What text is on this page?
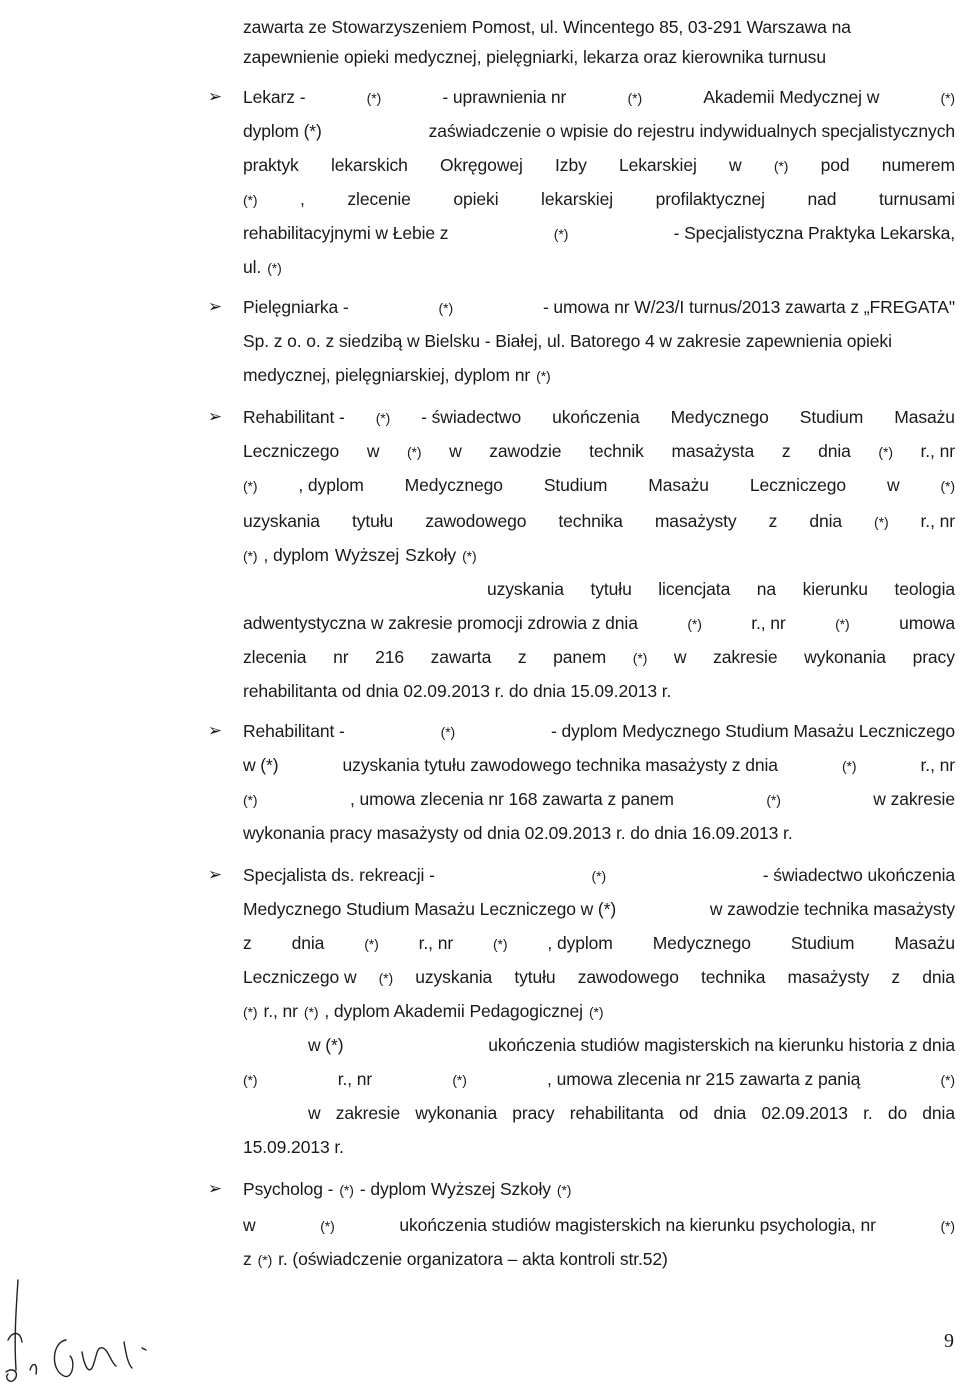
zawarta ze Stowarzyszeniem Pomost, ul. Wincentego 85, 03-291 Warszawa na
zapewnienie opieki medycznej, pielęgniarki, lekarza oraz kierownika turnusu
Lekarz -	(*)	- uprawnienia nr	(*)	Akademii Medycznej w	(*)
➢
dyplom (*)	zaświadczenie o wpisie do rejestru indywidualnych specjalistycznych
praktyk lekarskich Okręgowej Izby Lekarskiej w (*) pod numerem
(*) , zlecenie opieki lekarskiej profilaktycznej nad turnusami
rehabilitacyjnymi w Łebie z	(*)	- Specjalistyczna Praktyka Lekarska,
ul. (*)
Pielęgniarka -	(*)	- umowa nr W/23/I turnus/2013 zawarta z „FREGATA"
➢
Sp. z o. o. z siedzibą w Bielsku - Białej, ul. Batorego 4 w zakresie zapewnienia opieki
medycznej, pielęgniarskiej, dyplom nr (*)
Rehabilitant - (*) - świadectwo ukończenia Medycznego Studium Masażu
➢
Leczniczego w (*) w zawodzie technik masażysta z dnia (*) r., nr
(*) , dyplom Medycznego Studium Masażu Leczniczego w	(*)
uzyskania tytułu zawodowego technika masażysty z dnia (*) r., nr
(*) , dyplom Wyższej Szkoły (*)
uzyskania tytułu licencjata na kierunku teologia
adwentystyczna w zakresie promocji zdrowia z dnia	(*)	r., nr	(*)	umowa
zlecenia nr 216 zawarta z panem (*) w zakresie wykonania pracy
rehabilitanta od dnia 02.09.2013 r. do dnia 15.09.2013 r.
Rehabilitant -	(*)	- dyplom Medycznego Studium Masażu Leczniczego
➢
w (*)	uzyskania tytułu zawodowego technika masażysty z dnia	(*)	r., nr
(*)	, umowa zlecenia nr 168 zawarta z panem	(*)	w zakresie
wykonania pracy masażysty od dnia 02.09.2013 r. do dnia 16.09.2013 r.
Specjalista ds. rekreacji -	(*)	- świadectwo ukończenia
➢
Medycznego Studium Masażu Leczniczego w (*)	w zawodzie technika masażysty
z dnia	(*) r., nr	(*) , dyplom Medycznego Studium Masażu
Leczniczego w (*) uzyskania tytułu zawodowego technika masażysty z dnia
(*) r., nr (*) , dyplom Akademii Pedagogicznej (*)
w (*)	ukończenia studiów magisterskich na kierunku historia z dnia
(*)	r., nr	(*)	, umowa zlecenia nr 215 zawarta z panią	(*)
w zakresie wykonania pracy rehabilitanta od dnia 02.09.2013 r. do dnia
15.09.2013 r.
Psycholog - (*) - dyplom Wyższej Szkoły (*)
➢
w	(*)	ukończenia studiów magisterskich na kierunku psychologia, nr	(*)
z (*) r. (oświadczenie organizatora – akta kontroli str.52)
9
